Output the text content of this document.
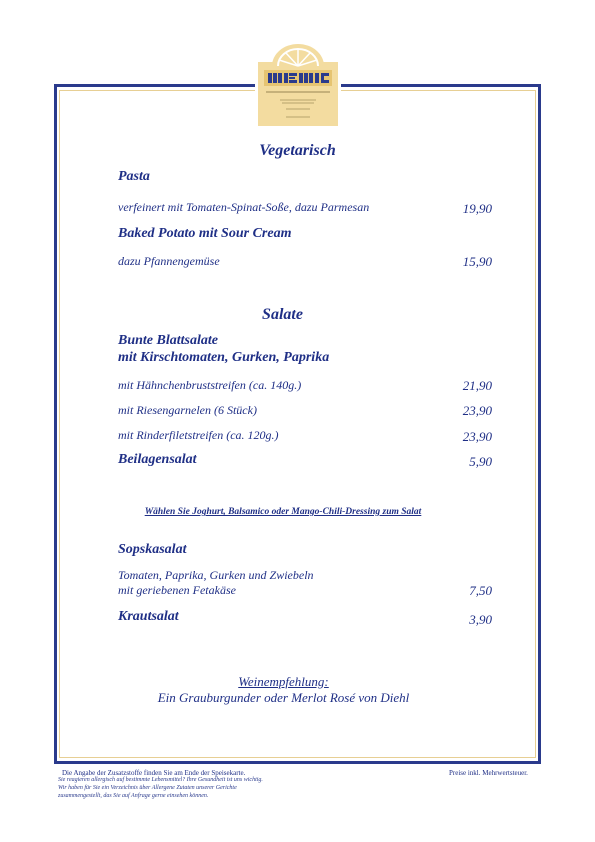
Vegetarisch
Pasta
verfeinert mit Tomaten-Spinat-Soße, dazu Parmesan	19,90
Baked Potato mit Sour Cream
dazu Pfannengemüse	15,90
Salate
Bunte Blattsalate
mit Kirschtomaten, Gurken, Paprika
mit Hähnchenbruststreifen (ca. 140g.)	21,90
mit Riesengarnelen (6 Stück)	23,90
mit Rinderfiletstreifen (ca. 120g.)	23,90
Beilagensalat	5,90
Wählen Sie Joghurt, Balsamico oder Mango-Chili-Dressing zum Salat
Sopskasalat
Tomaten, Paprika, Gurken und Zwiebeln
mit geriebenen Fetakäse	7,50
Krautsalat	3,90
Weinempfehlung:
Ein Grauburgunder oder Merlot Rosé von Diehl
Die Angabe der Zusatzstoffe finden Sie am Ende der Speisekarte.	Preise inkl. Mehrwertsteuer.
Sie reagieren allergisch auf bestimmte Lebensmittel? Ihre Gesundheit ist uns wichtig.
Wir haben für Sie ein Verzeichnis über Allergene Zutaten unserer Gerichte
zusammengestellt, das Sie auf Anfrage gerne einsehen können.
